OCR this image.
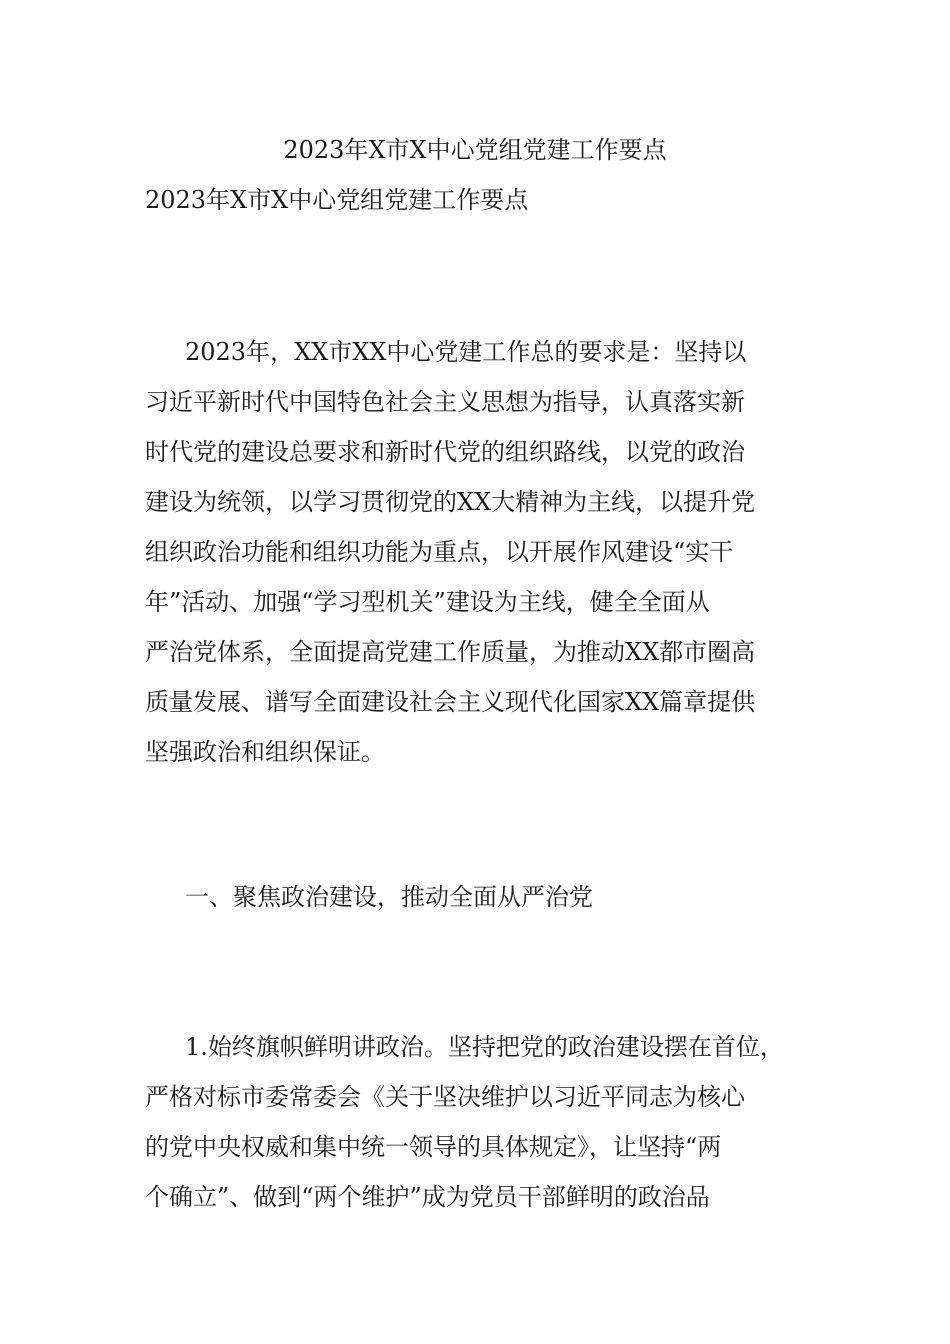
2023年X市X中心党组党建工作要点
2023年X市X中心党组党建工作要点
2023年，XX市XX中心党建工作总的要求是：坚持以
习近平新时代中国特色社会主义思想为指导，认真落实新
时代党的建设总要求和新时代党的组织路线，以党的政治
建设为统领，以学习贯彻党的XX大精神为主线，以提升党
组织政治功能和组织功能为重点，以开展作风建设“实干
年”活动、加强“学习型机关”建设为主线，健全全面从
严治党体系，全面提高党建工作质量，为推动XX都市圈高
质量发展、谱写全面建设社会主义现代化国家XX篇章提供
坚强政治和组织保证。
一、聚焦政治建设，推动全面从严治党
1.始终旗帜鲜明讲政治。坚持把党的政治建设摆在首位，
严格对标市委常委会《关于坚决维护以习近平同志为核心
的党中央权威和集中统一领导的具体规定》，让坚持“两
个确立”、做到“两个维护”成为党员干部鲜明的政治品
